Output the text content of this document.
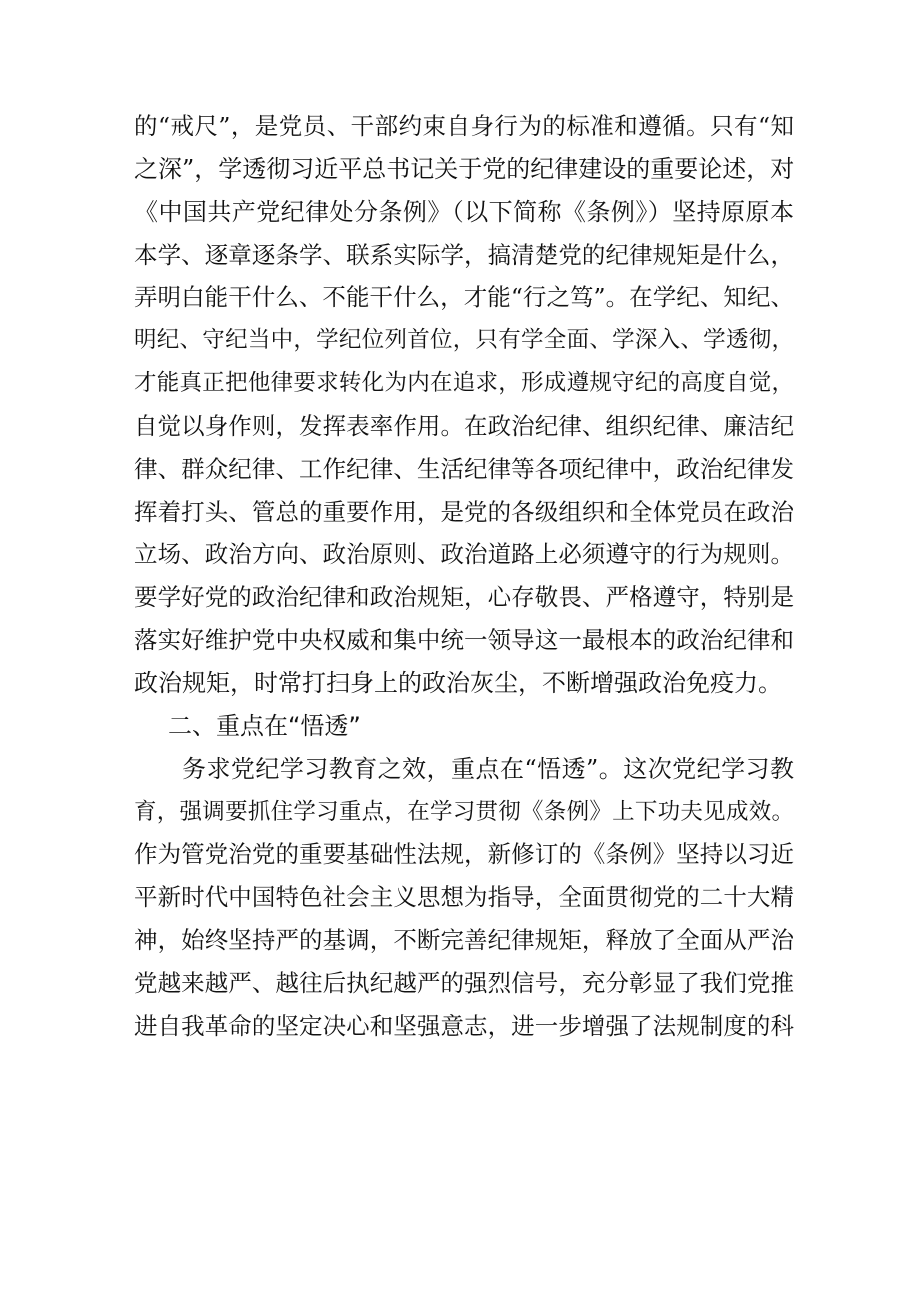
的“戒尺”，是党员、干部约束自身行为的标准和遵循。只有“知
之深”，学透彻习近平总书记关于党的纪律建设的重要论述，对
《中国共产党纪律处分条例》（以下简称《条例》）坚持原原本
本学、逐章逐条学、联系实际学，搞清楚党的纪律规矩是什么，
弄明白能干什么、不能干什么，才能“行之笃”。在学纪、知纪、
明纪、守纪当中，学纪位列首位，只有学全面、学深入、学透彻，
才能真正把他律要求转化为内在追求，形成遵规守纪的高度自觉，
自觉以身作则，发挥表率作用。在政治纪律、组织纪律、廉洁纪
律、群众纪律、工作纪律、生活纪律等各项纪律中，政治纪律发
挥着打头、管总的重要作用，是党的各级组织和全体党员在政治
立场、政治方向、政治原则、政治道路上必须遵守的行为规则。
要学好党的政治纪律和政治规矩，心存敬畏、严格遵守，特别是
落实好维护党中央权威和集中统一领导这一最根本的政治纪律和
政治规矩，时常打扫身上的政治灰尘，不断增强政治免疫力。
二、重点在“悟透”
务求党纪学习教育之效，重点在“悟透”。这次党纪学习教
育，强调要抓住学习重点，在学习贯彻《条例》上下功夫见成效。
作为管党治党的重要基础性法规，新修订的《条例》坚持以习近
平新时代中国特色社会主义思想为指导，全面贯彻党的二十大精
神，始终坚持严的基调，不断完善纪律规矩，释放了全面从严治
党越来越严、越往后执纪越严的强烈信号，充分彰显了我们党推
进自我革命的坚定决心和坚强意志，进一步增强了法规制度的科
